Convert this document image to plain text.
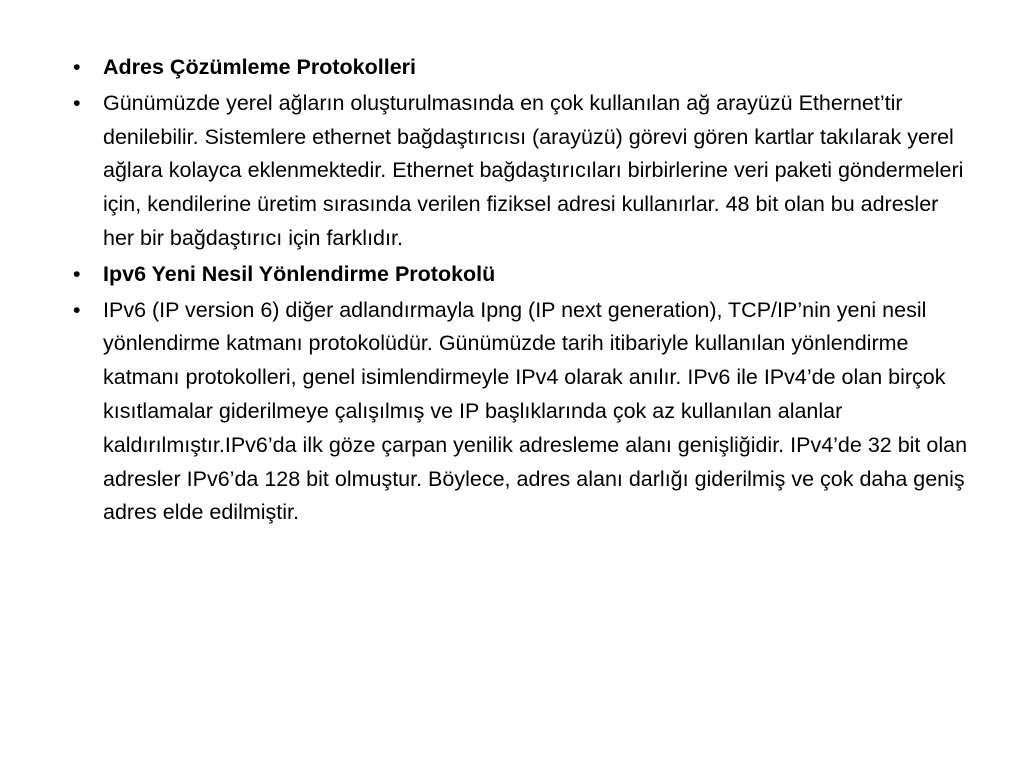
•	Adres Çözümleme Protokolleri
•	Günümüzde yerel ağların oluşturulmasında en çok kullanılan ağ arayüzü Ethernet’tir denilebilir. Sistemlere ethernet bağdaştırıcısı (arayüzü) görevi gören kartlar takılarak yerel ağlara kolayca eklenmektedir. Ethernet bağdaştırıcıları birbirlerine veri paketi göndermeleri için, kendilerine üretim sırasında verilen fiziksel adresi kullanırlar. 48 bit olan bu adresler her bir bağdaştırıcı için farklıdır.
•	Ipv6 Yeni Nesil Yönlendirme Protokolü
•	IPv6 (IP version 6) diğer adlandırmayla Ipng (IP next generation), TCP/IP’nin yeni nesil yönlendirme katmanı protokolüdür. Günümüzde tarih itibariyle kullanılan yönlendirme katmanı protokolleri, genel isimlendirmeyle IPv4 olarak anılır. IPv6 ile IPv4’de olan birçok kısıtlamalar giderilmeye çalışılmış ve IP başlıklarında çok az kullanılan alanlar kaldırılmıştır.IPv6’da ilk göze çarpan yenilik adresleme alanı genişliğidir. IPv4’de 32 bit olan adresler IPv6’da 128 bit olmuştur. Böylece, adres alanı darlığı giderilmiş ve çok daha geniş adres elde edilmiştir.
